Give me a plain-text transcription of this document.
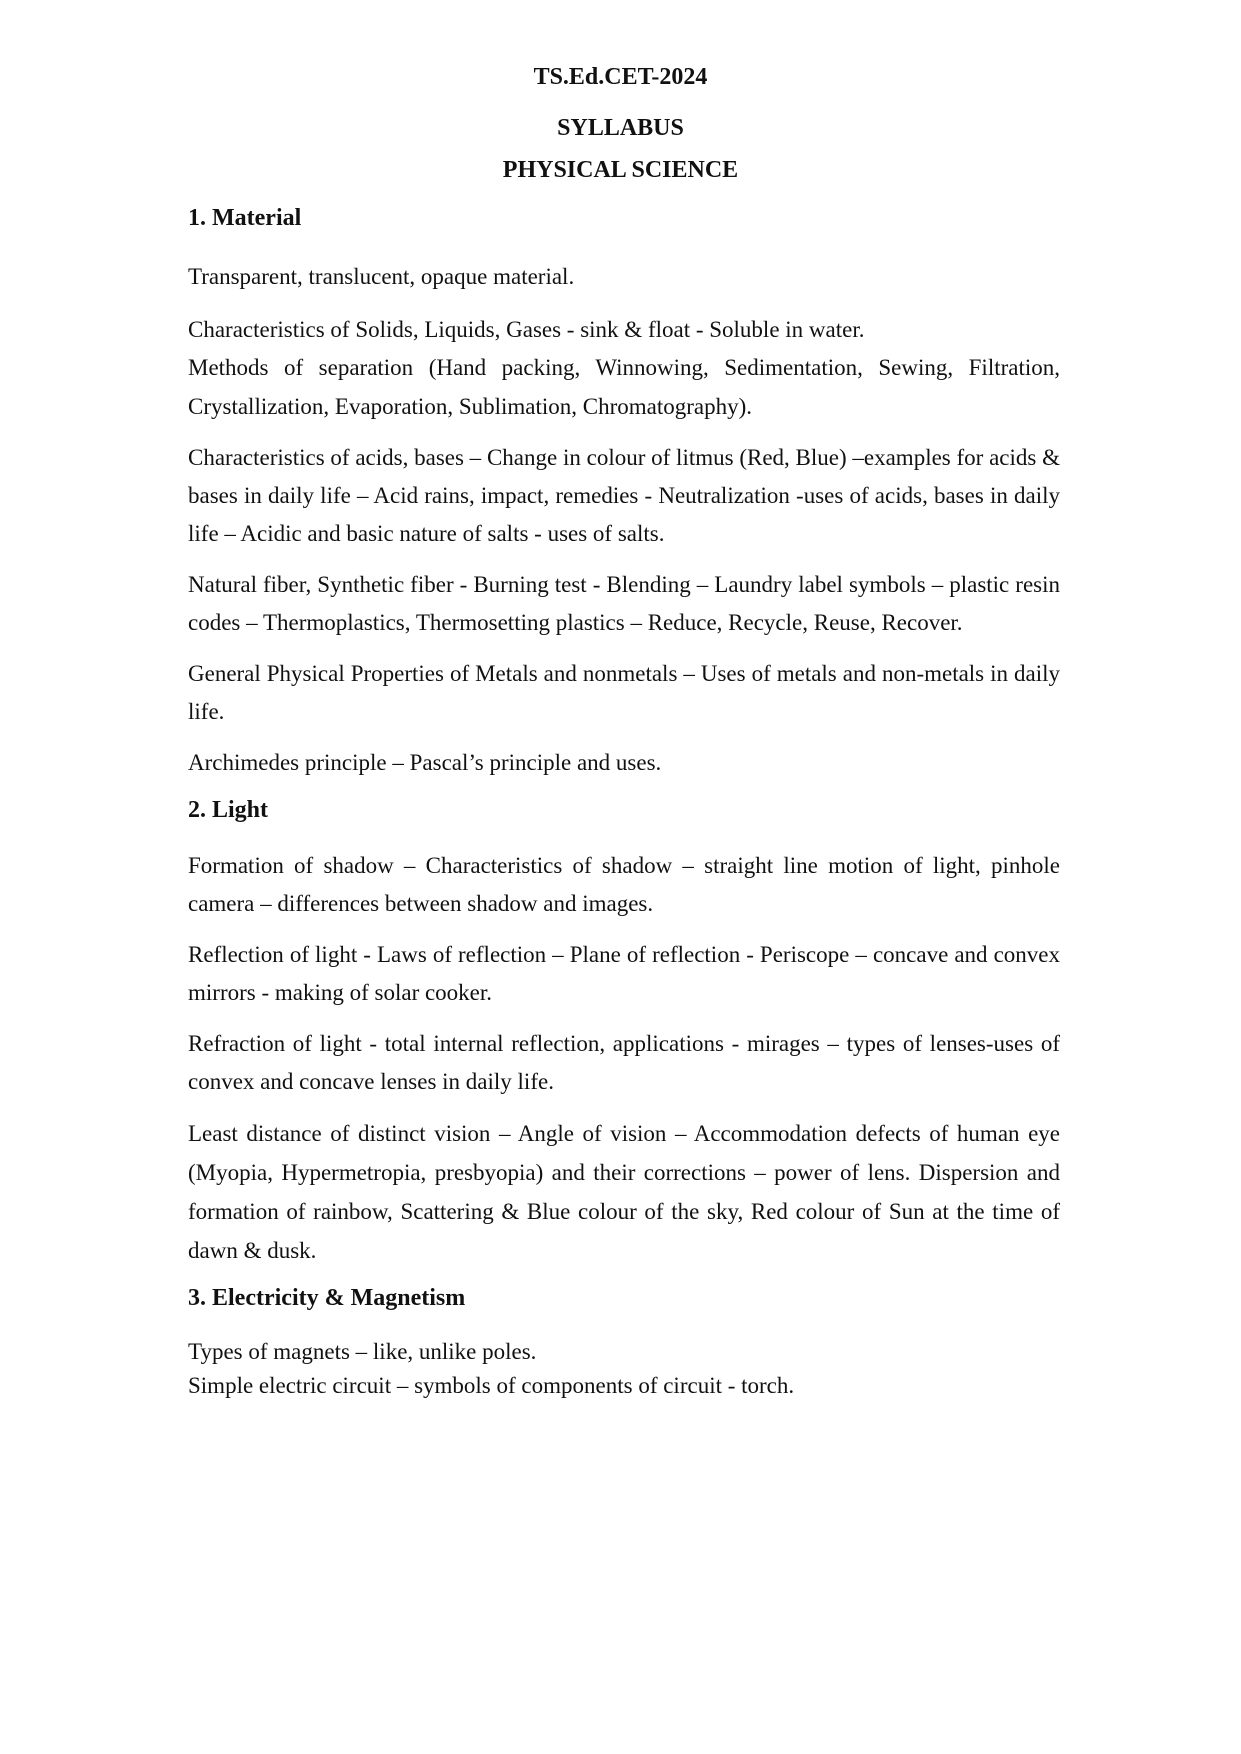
TS.Ed.CET-2024
SYLLABUS
PHYSICAL SCIENCE
1. Material

Transparent, translucent, opaque material.

Characteristics of Solids, Liquids, Gases - sink & float - Soluble in water.

Methods of separation (Hand packing, Winnowing, Sedimentation, Sewing, Filtration, Crystallization, Evaporation, Sublimation, Chromatography).

Characteristics of acids, bases – Change in colour of litmus (Red, Blue) –examples for acids & bases in daily life – Acid rains, impact, remedies - Neutralization -uses of acids, bases in daily life – Acidic and basic nature of salts - uses of salts.

Natural fiber, Synthetic fiber - Burning test - Blending – Laundry label symbols – plastic resin codes – Thermoplastics, Thermosetting plastics – Reduce, Recycle, Reuse, Recover.

General Physical Properties of Metals and nonmetals – Uses of metals and non-metals in daily life.

Archimedes principle – Pascal’s principle and uses.

2. Light

Formation of shadow – Characteristics of shadow – straight line motion of light, pinhole camera – differences between shadow and images.

Reflection of light - Laws of reflection – Plane of reflection - Periscope – concave and convex mirrors - making of solar cooker.

Refraction of light - total internal reflection, applications - mirages – types of lenses-uses of convex and concave lenses in daily life.

Least distance of distinct vision – Angle of vision – Accommodation defects of human eye (Myopia, Hypermetropia, presbyopia) and their corrections – power of lens. Dispersion and formation of rainbow, Scattering & Blue colour of the sky, Red colour of Sun at the time of dawn & dusk.

3. Electricity & Magnetism

Types of magnets – like, unlike poles.

Simple electric circuit – symbols of components of circuit - torch.
